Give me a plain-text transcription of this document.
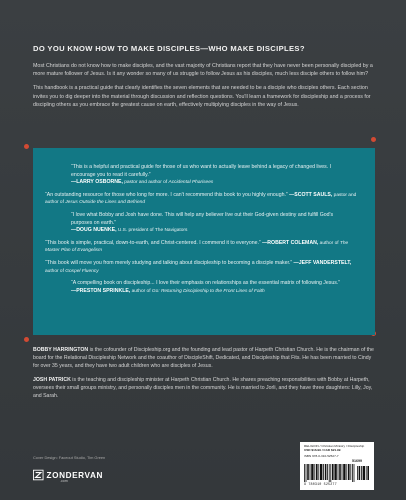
DO YOU KNOW HOW TO MAKE DISCIPLES—WHO MAKE DISCIPLES?

Most Christians do not know how to make disciples, and the vast majority of Christians report that they have never been personally discipled by a more mature follower of Jesus. Is it any wonder so many of us struggle to follow Jesus as his disciples, much less disciple others to follow him?

This handbook is a practical guide that clearly identifies the seven elements that are needed to be a disciple who disciples others. Each section invites you to dig deeper into the material through discussion and reflection questions. You'll learn a framework for discipleship and a process for discipling others as you embrace the greatest cause on earth, effectively multiplying disciples in the way of Jesus.

“This is a helpful and practical guide for those of us who want to actually leave behind a legacy of changed lives. I encourage you to read it carefully.”
—LARRY OSBORNE, pastor and author of Accidental Pharisees
“An outstanding resource for those who long for more. I can't recommend this book to you highly enough.” —SCOTT SAULS, pastor and author of Jesus Outside the Lines and Befriend
“I love what Bobby and Josh have done. This will help any believer live out their God-given destiny and fulfill God's purposes on earth.”
—DOUG NUENKE, U.S. president of The Navigators
“This book is simple, practical, down-to-earth, and Christ-centered. I commend it to everyone.” —ROBERT COLEMAN, author of The Master Plan of Evangelism
“This book will move you from merely studying and talking about discipleship to becoming a disciple maker.” —JEFF VANDERSTELT, author of Gospel Fluency
“A compelling book on discipleship... I love their emphasis on relationships as the essential matrix of following Jesus.”
—PRESTON SPRINKLE, author of Go: Returning Discipleship to the Front Lines of Faith

BOBBY HARRINGTON is the cofounder of Discipleship.org and the founding and lead pastor of Harpeth Christian Church. He is the chairman of the board for the Relational Discipleship Network and the coauthor of DiscipleShift, Dedicated, and Discipleship that Fits. He has been married to Cindy for over 35 years, and they have two adult children who are disciples of Jesus.

JOSH PATRICK is the teaching and discipleship minister at Harpeth Christian Church. He shares preaching responsibilities with Bobby at Harpeth, oversees their small groups ministry, and personally disciples men in the community. He is married to Jorli, and they have three daughters: Lilly, Joy, and Sarah.

Cover Design: Faceout Studio, Tim Green
ZONDERVAN
.com
RELIGION / Christian Ministry / Discipleship
USD $16.99 / CAD $21.99
ISBN 978-0-310-52527-7
51699
9 780310 525277
